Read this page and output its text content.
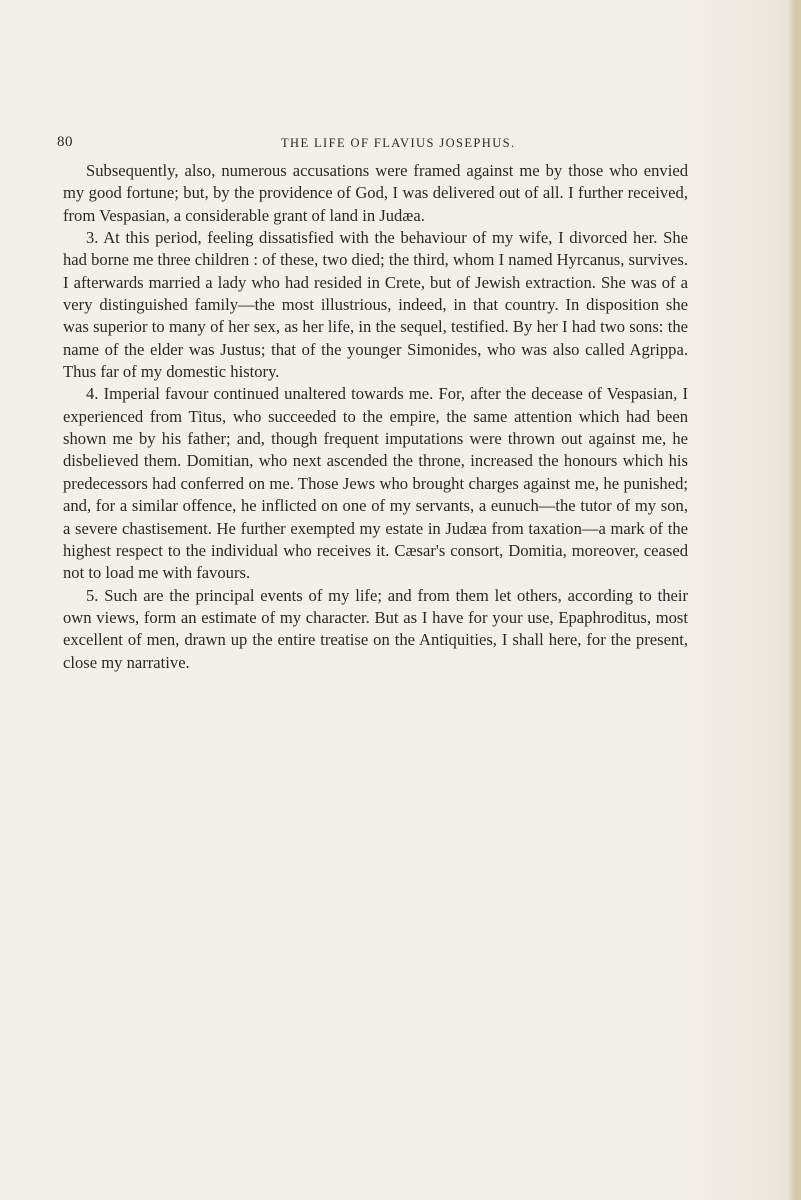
80	THE LIFE OF FLAVIUS JOSEPHUS.

Subsequently, also, numerous accusations were framed against me by those who envied my good fortune; but, by the providence of God, I was delivered out of all. I further received, from Vespasian, a considerable grant of land in Judæa.

3. At this period, feeling dissatisfied with the behaviour of my wife, I divorced her. She had borne me three children : of these, two died; the third, whom I named Hyrcanus, survives. I afterwards married a lady who had resided in Crete, but of Jewish extraction. She was of a very distinguished family—the most illustrious, indeed, in that country. In disposition she was superior to many of her sex, as her life, in the sequel, testified. By her I had two sons: the name of the elder was Justus; that of the younger Simonides, who was also called Agrippa. Thus far of my domestic history.

4. Imperial favour continued unaltered towards me. For, after the decease of Vespasian, I experienced from Titus, who succeeded to the empire, the same attention which had been shown me by his father; and, though frequent imputations were thrown out against me, he disbelieved them. Domitian, who next ascended the throne, increased the honours which his predecessors had conferred on me. Those Jews who brought charges against me, he punished; and, for a similar offence, he inflicted on one of my servants, a eunuch—the tutor of my son, a severe chastisement. He further exempted my estate in Judæa from taxation—a mark of the highest respect to the individual who receives it. Cæsar's consort, Domitia, moreover, ceased not to load me with favours.

5. Such are the principal events of my life; and from them let others, according to their own views, form an estimate of my character. But as I have for your use, Epaphroditus, most excellent of men, drawn up the entire treatise on the Antiquities, I shall here, for the present, close my narrative.
